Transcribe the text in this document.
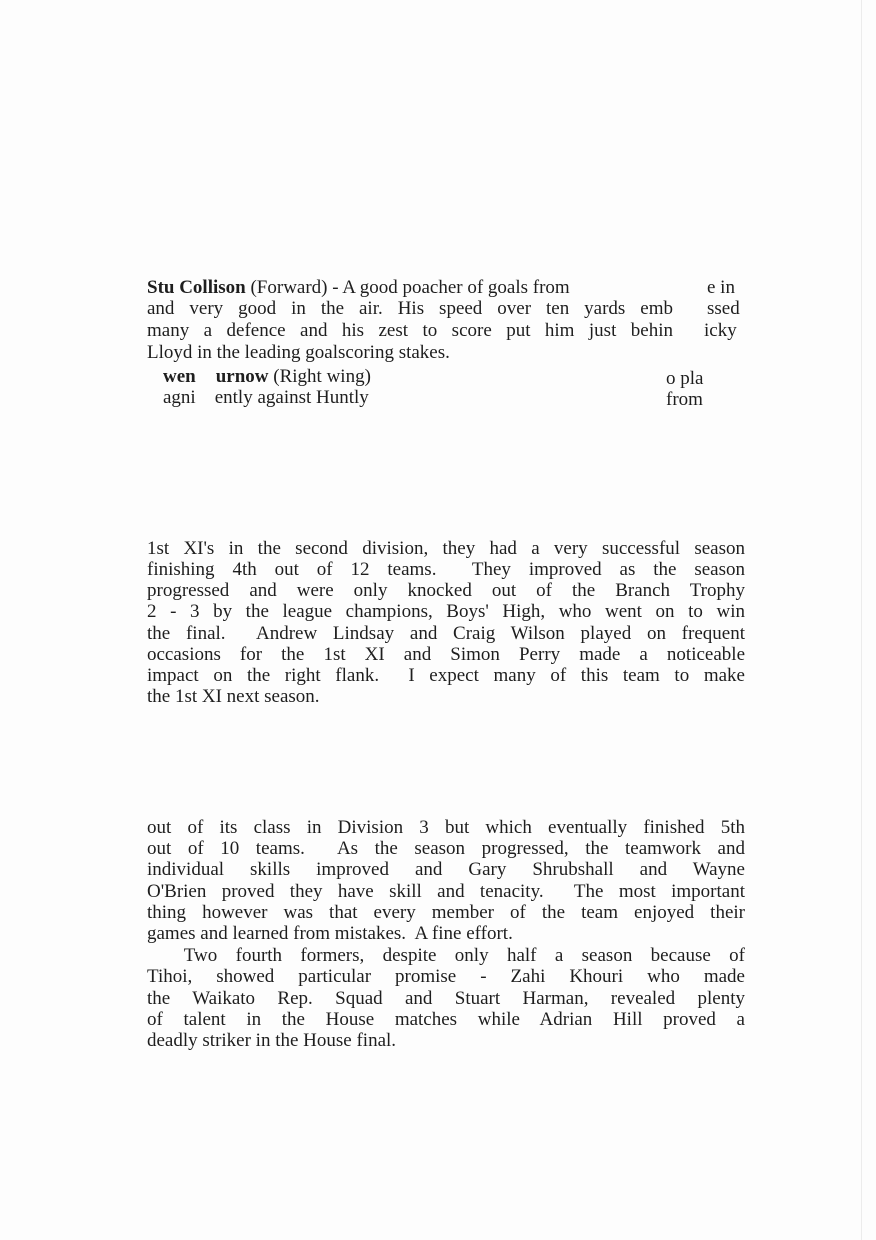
Stu Collison (Forward) - A good poacher of goals from	e in
and very good in the air. His speed over ten yards emb ssed
many a defence and his zest to score put him just behin icky
Lloyd in the leading goalscoring stakes.
wen urnow (Right wing)	o pla
agni ently against Huntly	from
1st XI's in the second division, they had a very successful season
finishing 4th out of 12 teams.  They improved as the season
progressed and were only knocked out of the Branch Trophy
2 - 3 by the league champions, Boys' High, who went on to win
the final.  Andrew Lindsay and Craig Wilson played on frequent
occasions for the 1st XI and Simon Perry made a noticeable
impact on the right flank.  I expect many of this team to make
the 1st XI next season.
out of its class in Division 3 but which eventually finished 5th
out of 10 teams.  As the season progressed, the teamwork and
individual skills improved and Gary Shrubshall and Wayne
O'Brien proved they have skill and tenacity.  The most important
thing however was that every member of the team enjoyed their
games and learned from mistakes.  A fine effort.
Two fourth formers, despite only half a season because of
Tihoi, showed particular promise - Zahi Khouri who made
the Waikato Rep. Squad and Stuart Harman, revealed plenty
of talent in the House matches while Adrian Hill proved a
deadly striker in the House final.
